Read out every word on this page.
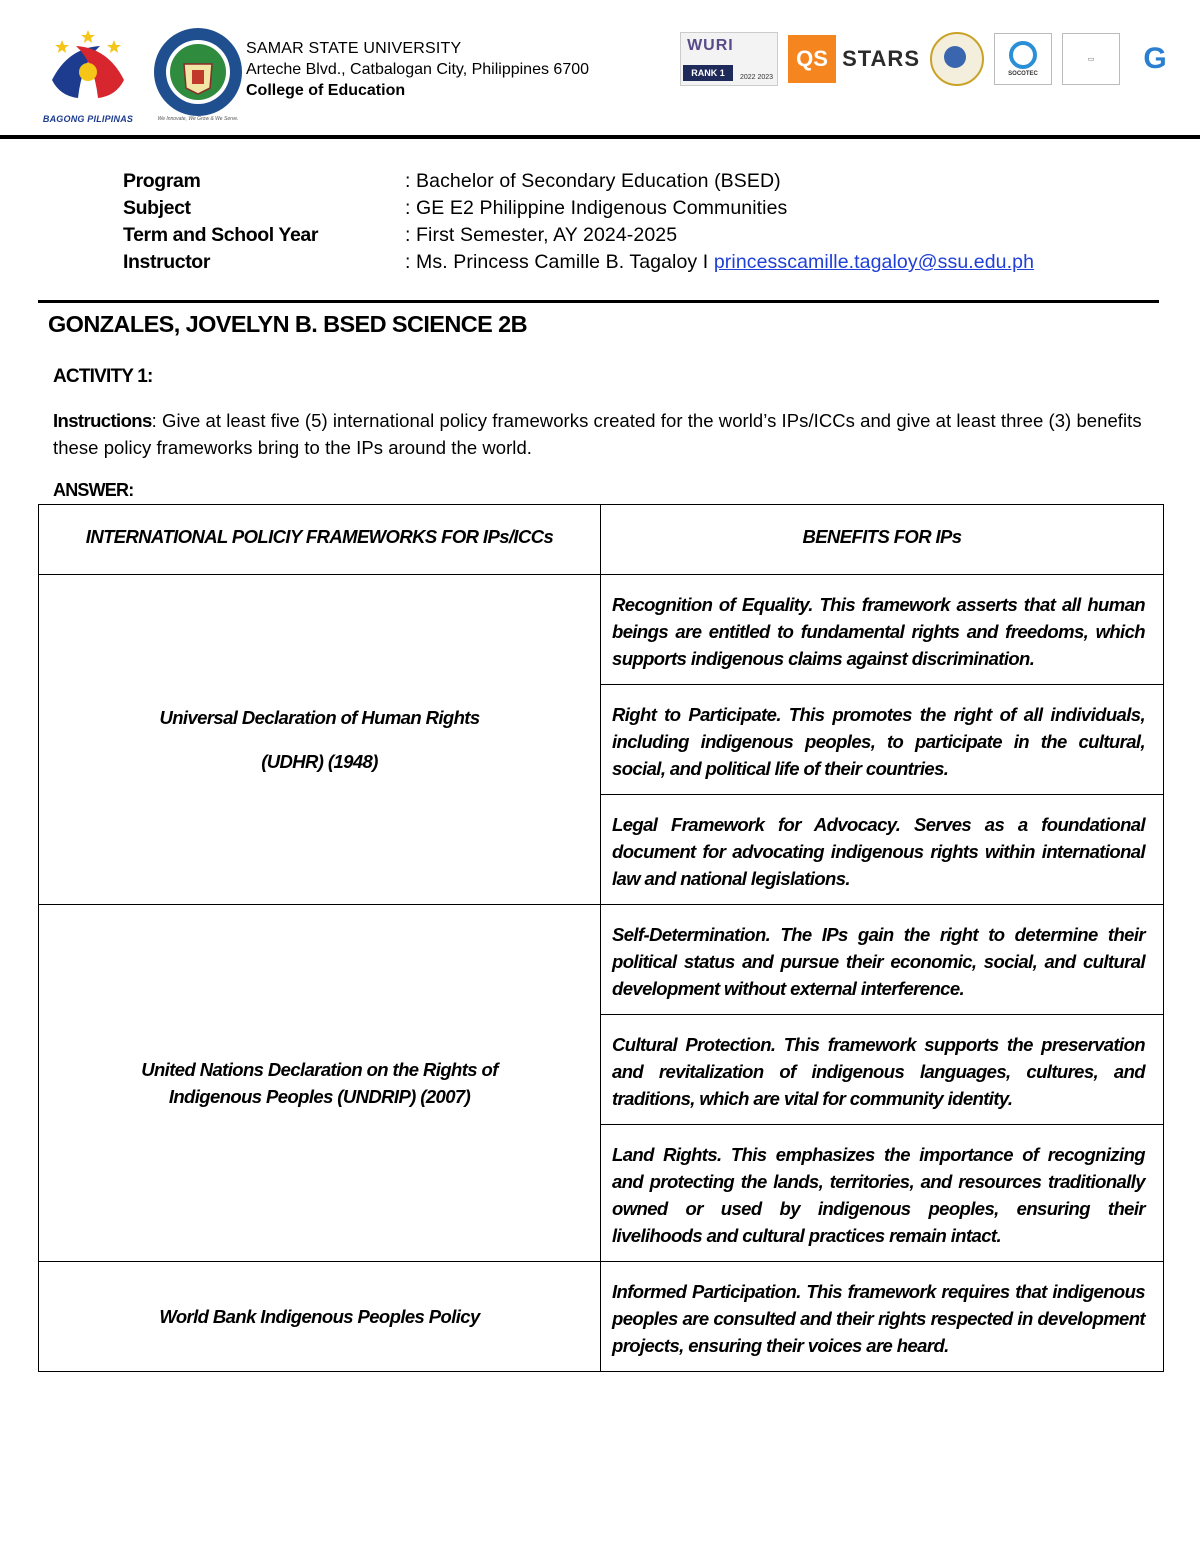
BAGONG PILIPINAS	We Innovate, We Grow & We Serve.
SAMAR STATE UNIVERSITY
Arteche Blvd., Catbalogan City, Philippines 6700
College of Education
WURI
RANK 1	2022 2023
QS STARS
SOCOTEC
▭	G
Program	: Bachelor of Secondary Education (BSED)
Subject	: GE E2 Philippine Indigenous Communities
Term and School Year	: First Semester, AY 2024-2025
Instructor	: Ms. Princess Camille B. Tagaloy I princesscamille.tagaloy@ssu.edu.ph
GONZALES, JOVELYN B. BSED SCIENCE 2B
ACTIVITY 1:
Instructions: Give at least five (5) international policy frameworks created for the world’s IPs/ICCs and give at least three (3) benefits these policy frameworks bring to the IPs around the world.
ANSWER:
INTERNATIONAL POLICIY FRAMEWORKS FOR IPs/ICCs	BENEFITS FOR IPs

Universal Declaration of Human Rights
(UDHR) (1948)	Recognition of Equality. This framework asserts that all human beings are entitled to fundamental rights and freedoms, which supports indigenous claims against discrimination.
	Right to Participate. This promotes the right of all individuals, including indigenous peoples, to participate in the cultural, social, and political life of their countries.
	Legal Framework for Advocacy. Serves as a foundational document for advocating indigenous rights within international law and national legislations.

United Nations Declaration on the Rights of
Indigenous Peoples (UNDRIP) (2007)	Self-Determination. The IPs gain the right to determine their political status and pursue their economic, social, and cultural development without external interference.
	Cultural Protection. This framework supports the preservation and revitalization of indigenous languages, cultures, and traditions, which are vital for community identity.
	Land Rights. This emphasizes the importance of recognizing and protecting the lands, territories, and resources traditionally owned or used by indigenous peoples, ensuring their livelihoods and cultural practices remain intact.

World Bank Indigenous Peoples Policy	Informed Participation. This framework requires that indigenous peoples are consulted and their rights respected in development projects, ensuring their voices are heard.
